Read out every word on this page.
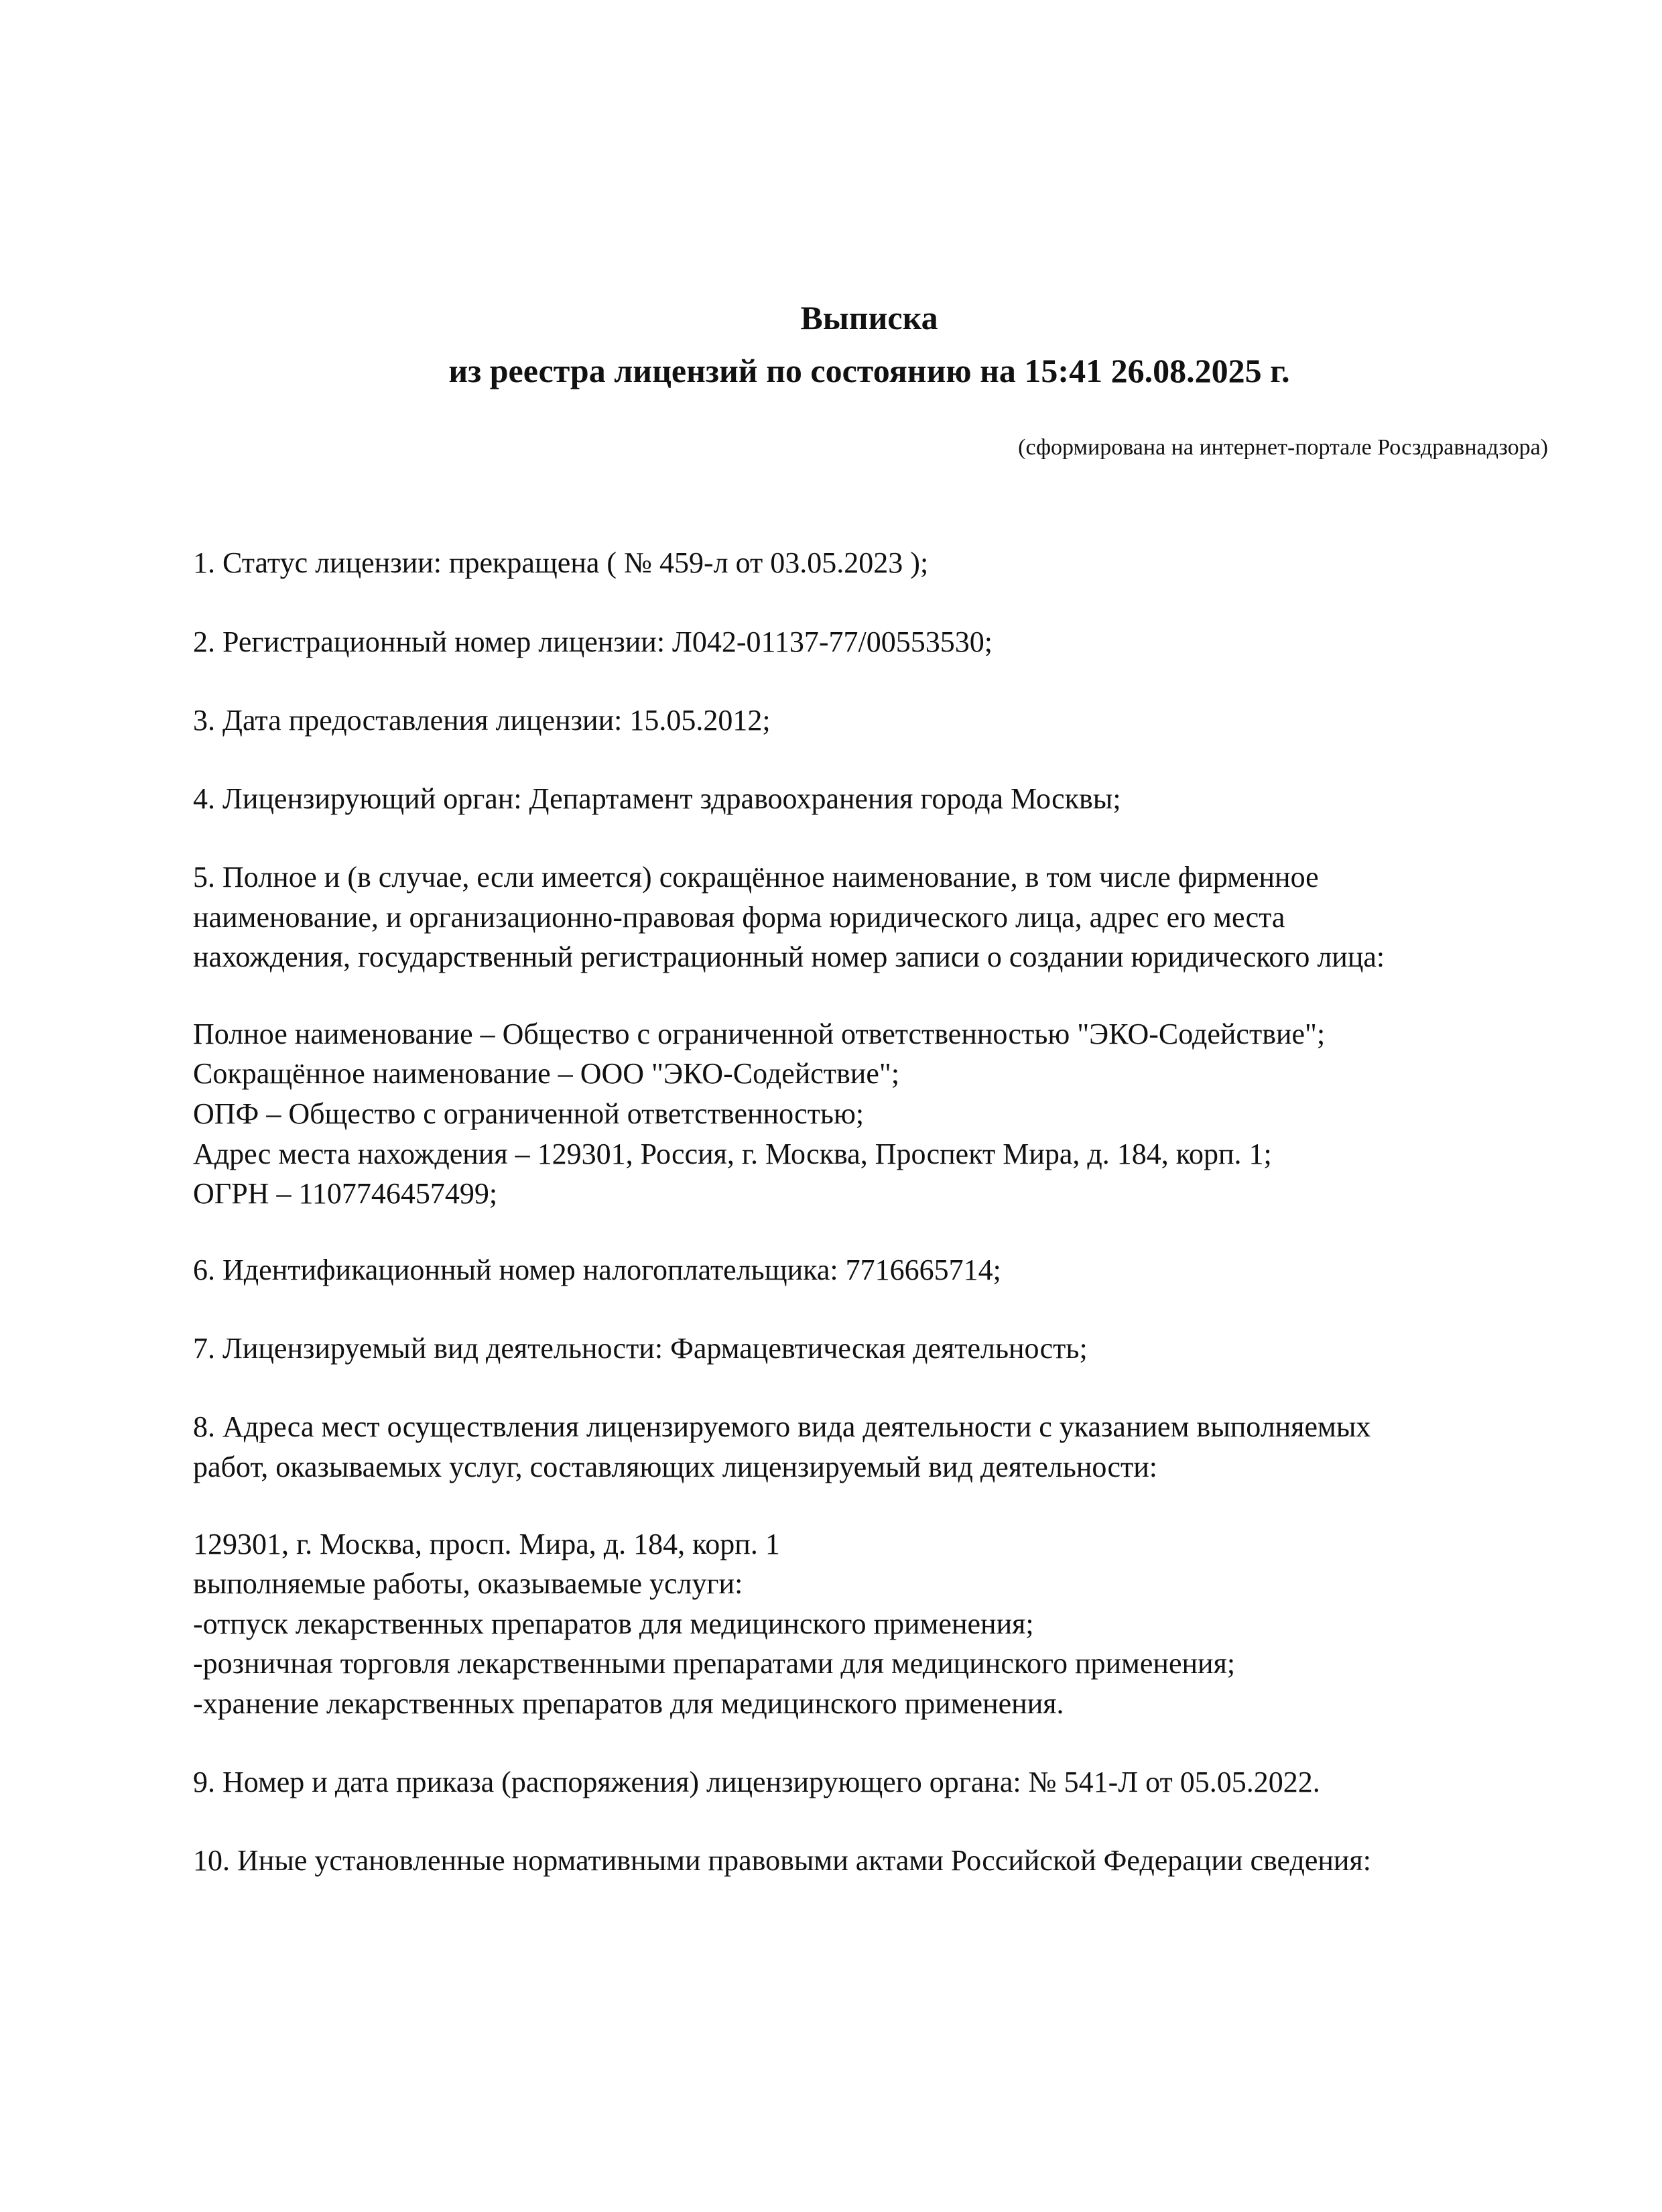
Выписка
из реестра лицензий по состоянию на 15:41 26.08.2025 г.

(сформирована на интернет-портале Росздравнадзора)

1. Статус лицензии: прекращена ( № 459-л от 03.05.2023 );

2. Регистрационный номер лицензии: Л042-01137-77/00553530;

3. Дата предоставления лицензии: 15.05.2012;

4. Лицензирующий орган: Департамент здравоохранения города Москвы;

5. Полное и (в случае, если имеется) сокращённое наименование, в том числе фирменное

наименование, и организационно-правовая форма юридического лица, адрес его места

нахождения, государственный регистрационный номер записи о создании юридического лица:

Полное наименование – Общество с ограниченной ответственностью "ЭКО-Содействие";

Сокращённое наименование – ООО "ЭКО-Содействие";

ОПФ – Общество с ограниченной ответственностью;

Адрес места нахождения – 129301, Россия, г. Москва, Проспект Мира, д. 184, корп. 1;

ОГРН – 1107746457499;

6. Идентификационный номер налогоплательщика: 7716665714;

7. Лицензируемый вид деятельности: Фармацевтическая деятельность;

8. Адреса мест осуществления лицензируемого вида деятельности с указанием выполняемых

работ, оказываемых услуг, составляющих лицензируемый вид деятельности:

129301, г. Москва, просп. Мира, д. 184, корп. 1

выполняемые работы, оказываемые услуги:

-отпуск лекарственных препаратов для медицинского применения;

-розничная торговля лекарственными препаратами для медицинского применения;

-хранение лекарственных препаратов для медицинского применения.

9. Номер и дата приказа (распоряжения) лицензирующего органа: № 541-Л от 05.05.2022.

10. Иные установленные нормативными правовыми актами Российской Федерации сведения:
